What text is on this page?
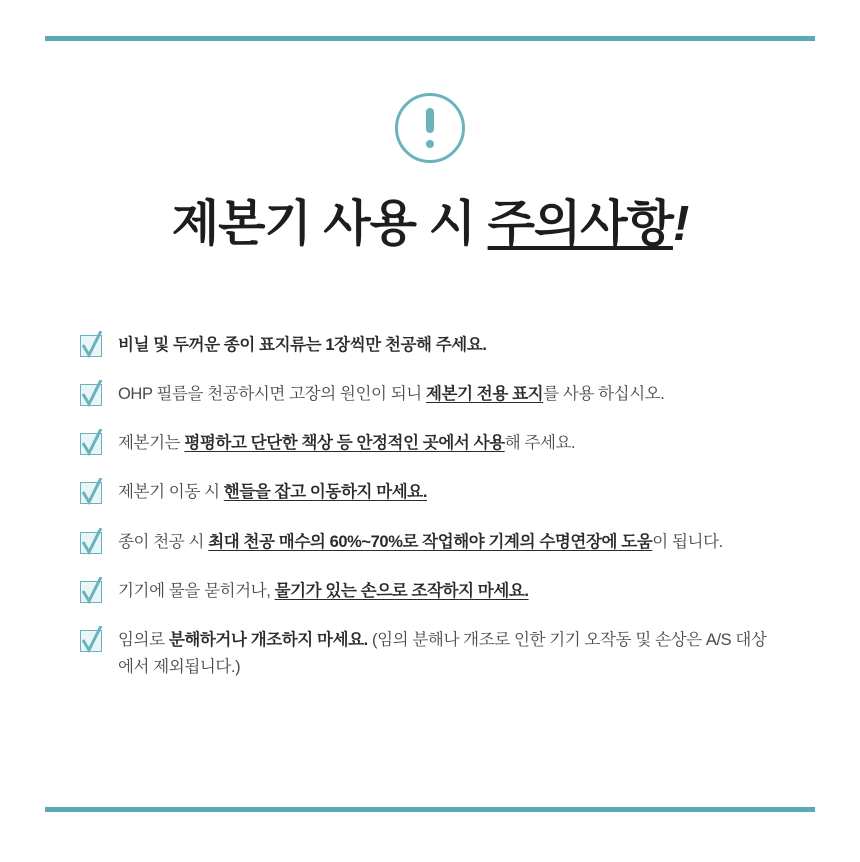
제본기 사용 시 주의사항!
비닐 및 두꺼운 종이 표지류는 1장씩만 천공해 주세요.
OHP 필름을 천공하시면 고장의 원인이 되니 제본기 전용 표지를 사용 하십시오.
제본기는 평평하고 단단한 책상 등 안정적인 곳에서 사용해 주세요.
제본기 이동 시 핸들을 잡고 이동하지 마세요.
종이 천공 시 최대 천공 매수의 60%~70%로 작업해야 기계의 수명연장에 도움이 됩니다.
기기에 물을 묻히거나, 물기가 있는 손으로 조작하지 마세요.
임의로 분해하거나 개조하지 마세요. (임의 분해나 개조로 인한 기기 오작동 및 손상은 A/S 대상에서 제외됩니다.)
